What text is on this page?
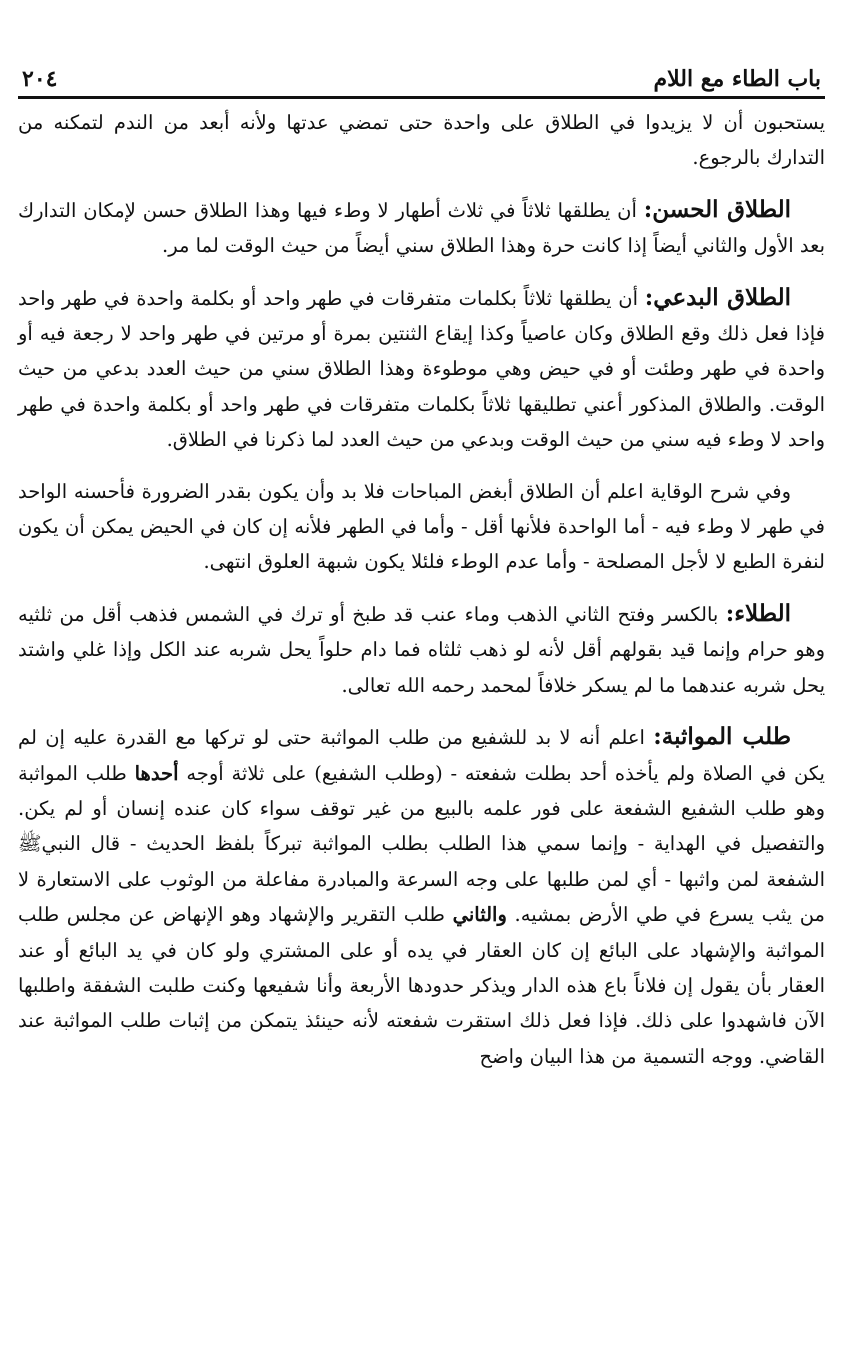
باب الطاء مع اللام
٢٠٤

يستحبون أن لا يزيدوا في الطلاق على واحدة حتى تمضي عدتها ولأنه أبعد من الندم لتمكنه من التدارك بالرجوع.

الطلاق الحسن: أن يطلقها ثلاثاً في ثلاث أطهار لا وطء فيها وهذا الطلاق حسن لإمكان التدارك بعد الأول والثاني أيضاً إذا كانت حرة وهذا الطلاق سني أيضاً من حيث الوقت لما مر.

الطلاق البدعي: أن يطلقها ثلاثاً بكلمات متفرقات في طهر واحد أو بكلمة واحدة في طهر واحد فإذا فعل ذلك وقع الطلاق وكان عاصياً وكذا إيقاع الثنتين بمرة أو مرتين في طهر واحد لا رجعة فيه أو واحدة في طهر وطئت أو في حيض وهي موطوءة وهذا الطلاق سني من حيث العدد بدعي من حيث الوقت. والطلاق المذكور أعني تطليقها ثلاثاً بكلمات متفرقات في طهر واحد أو بكلمة واحدة في طهر واحد لا وطء فيه سني من حيث الوقت وبدعي من حيث العدد لما ذكرنا في الطلاق.

وفي شرح الوقاية اعلم أن الطلاق أبغض المباحات فلا بد وأن يكون بقدر الضرورة فأحسنه الواحد في طهر لا وطء فيه - أما الواحدة فلأنها أقل - وأما في الطهر فلأنه إن كان في الحيض يمكن أن يكون لنفرة الطبع لا لأجل المصلحة - وأما عدم الوطء فلئلا يكون شبهة العلوق انتهى.

الطلاء: بالكسر وفتح الثاني الذهب وماء عنب قد طبخ أو ترك في الشمس فذهب أقل من ثلثيه وهو حرام وإنما قيد بقولهم أقل لأنه لو ذهب ثلثاه فما دام حلواً يحل شربه عند الكل وإذا غلي واشتد يحل شربه عندهما ما لم يسكر خلافاً لمحمد رحمه الله تعالى.

طلب المواثبة: اعلم أنه لا بد للشفيع من طلب المواثبة حتى لو تركها مع القدرة عليه إن لم يكن في الصلاة ولم يأخذه أحد بطلت شفعته - (وطلب الشفيع) على ثلاثة أوجه أحدها طلب المواثبة وهو طلب الشفيع الشفعة على فور علمه بالبيع من غير توقف سواء كان عنده إنسان أو لم يكن. والتفصيل في الهداية - وإنما سمي هذا الطلب بطلب المواثبة تبركاً بلفظ الحديث - قال النبيﷺ الشفعة لمن واثبها - أي لمن طلبها على وجه السرعة والمبادرة مفاعلة من الوثوب على الاستعارة لا من يثب يسرع في طي الأرض بمشيه. والثاني طلب التقرير والإشهاد وهو الإنهاض عن مجلس طلب المواثبة والإشهاد على البائع إن كان العقار في يده أو على المشتري ولو كان في يد البائع أو عند العقار بأن يقول إن فلاناً باع هذه الدار ويذكر حدودها الأربعة وأنا شفيعها وكنت طلبت الشفقة واطلبها الآن فاشهدوا على ذلك. فإذا فعل ذلك استقرت شفعته لأنه حينئذ يتمكن من إثبات طلب المواثبة عند القاضي. ووجه التسمية من هذا البيان واضح
